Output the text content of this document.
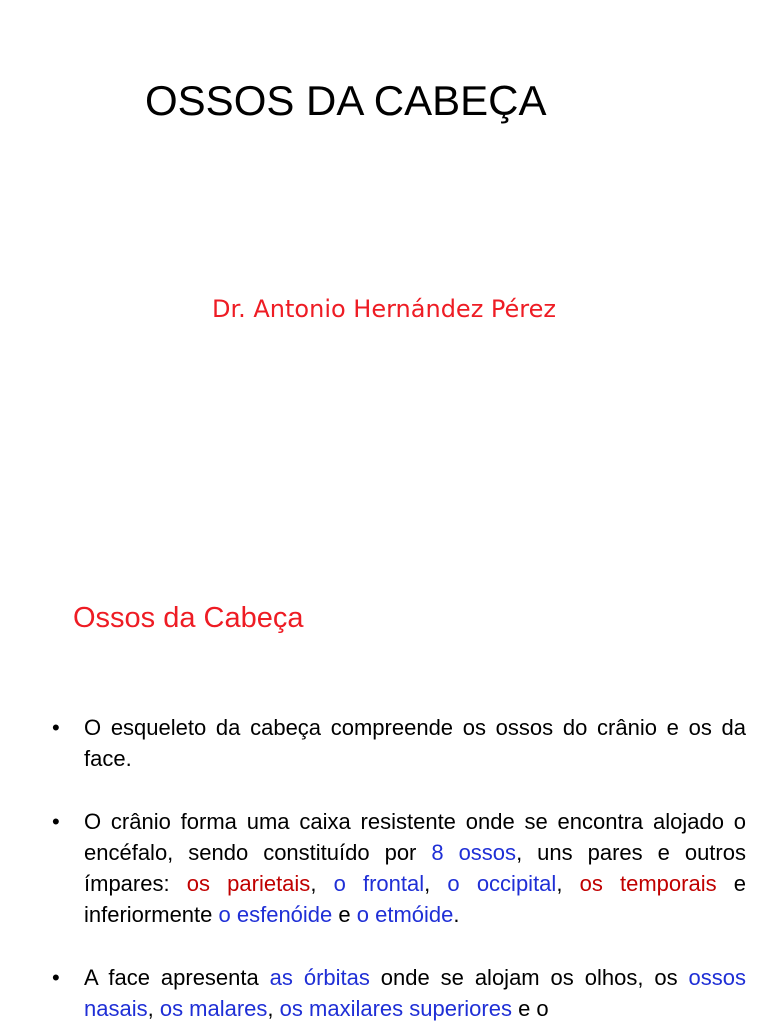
OSSOS DA CABEÇA
Dr. Antonio Hernández Pérez
Ossos da Cabeça
• O esqueleto da cabeça compreende os ossos do crânio e os da face.
• O crânio forma uma caixa resistente onde se encontra alojado o encéfalo, sendo constituído por 8 ossos, uns pares e outros ímpares: os parietais, o frontal, o occipital, os temporais e inferiormente o esfenóide e o etmóide.
• A face apresenta as órbitas onde se alojam os olhos, os ossos nasais, os malares, os maxilares superiores e o
